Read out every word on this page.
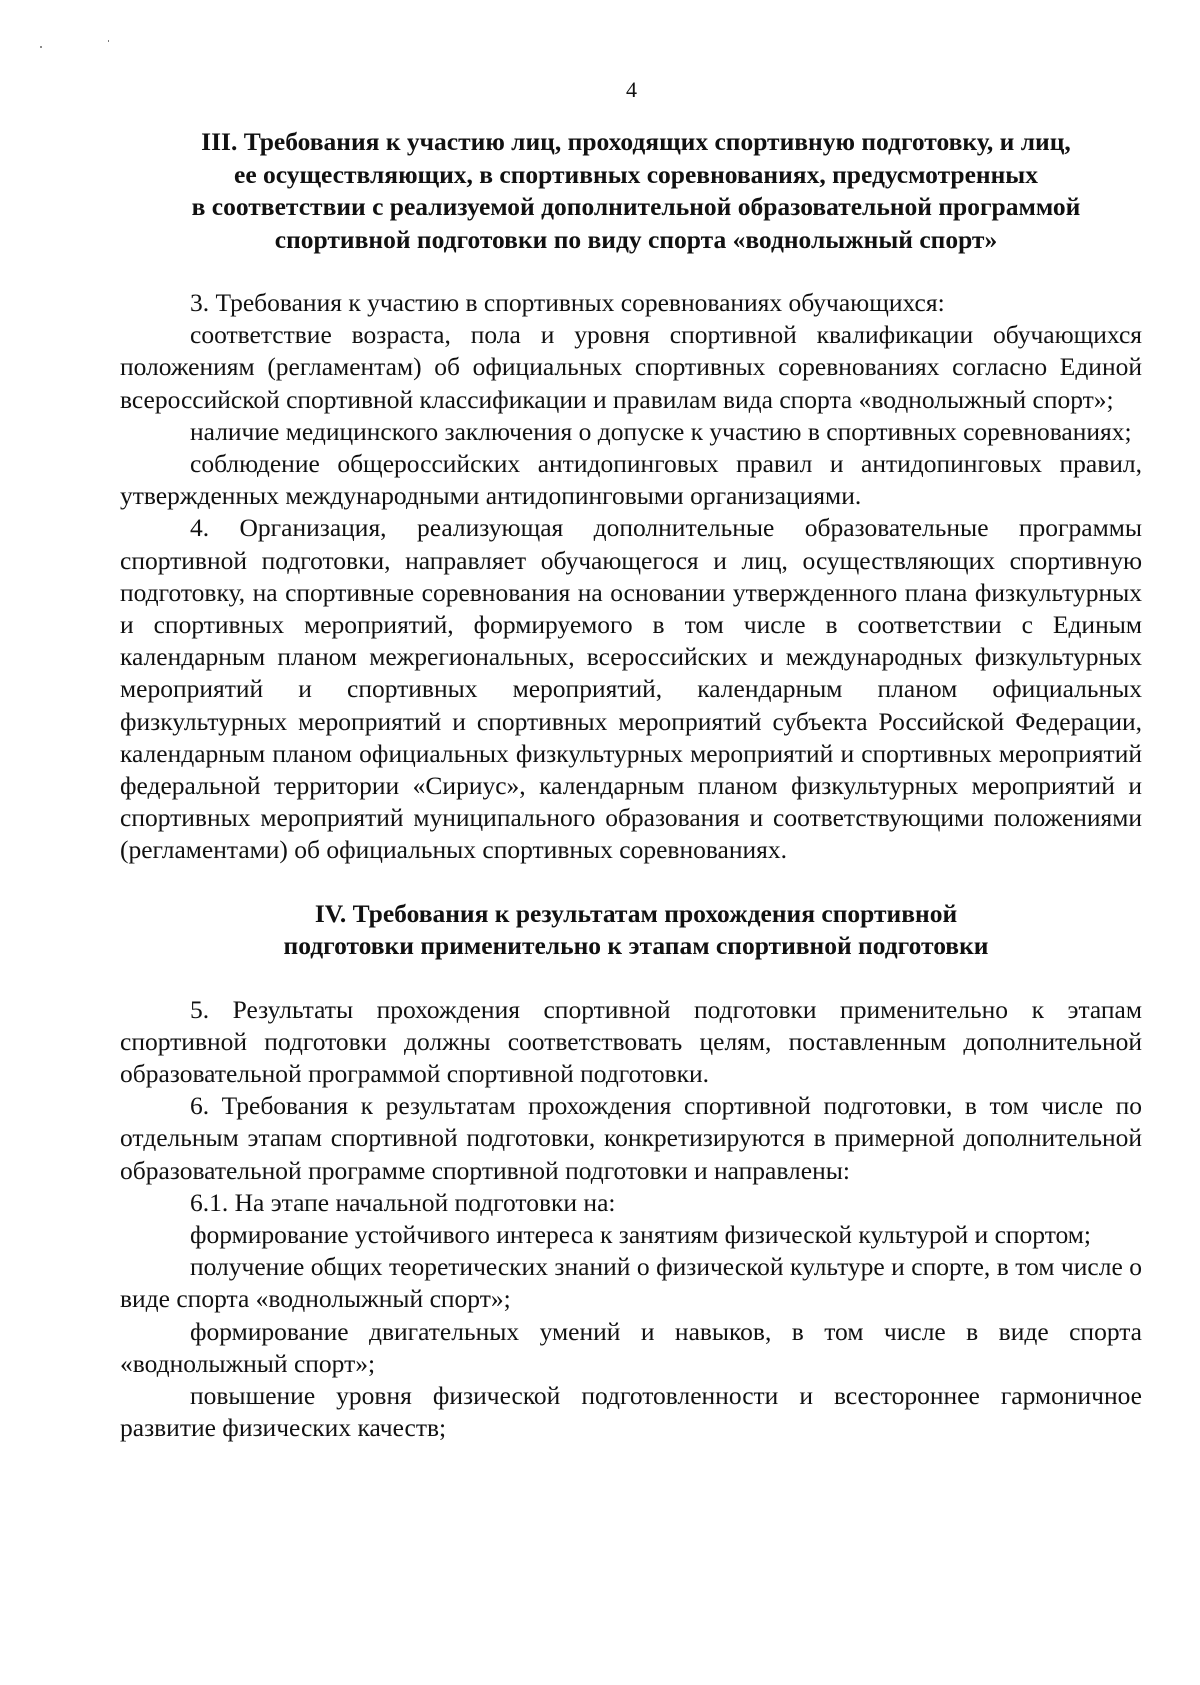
4
III. Требования к участию лиц, проходящих спортивную подготовку, и лиц,
ее осуществляющих, в спортивных соревнованиях, предусмотренных
в соответствии с реализуемой дополнительной образовательной программой
спортивной подготовки по виду спорта «воднолыжный спорт»

3. Требования к участию в спортивных соревнованиях обучающихся:

соответствие возраста, пола и уровня спортивной квалификации обучающихся положениям (регламентам) об официальных спортивных соревнованиях согласно Единой всероссийской спортивной классификации и правилам вида спорта «воднолыжный спорт»;

наличие медицинского заключения о допуске к участию в спортивных соревнованиях;

соблюдение общероссийских антидопинговых правил и антидопинговых правил, утвержденных международными антидопинговыми организациями.

4. Организация, реализующая дополнительные образовательные программы спортивной подготовки, направляет обучающегося и лиц, осуществляющих спортивную подготовку, на спортивные соревнования на основании утвержденного плана физкультурных и спортивных мероприятий, формируемого в том числе в соответствии с Единым календарным планом межрегиональных, всероссийских и международных физкультурных мероприятий и спортивных мероприятий, календарным планом официальных физкультурных мероприятий и спортивных мероприятий субъекта Российской Федерации, календарным планом официальных физкультурных мероприятий и спортивных мероприятий федеральной территории «Сириус», календарным планом физкультурных мероприятий и спортивных мероприятий муниципального образования и соответствующими положениями (регламентами) об официальных спортивных соревнованиях.

IV. Требования к результатам прохождения спортивной
подготовки применительно к этапам спортивной подготовки

5. Результаты прохождения спортивной подготовки применительно к этапам спортивной подготовки должны соответствовать целям, поставленным дополнительной образовательной программой спортивной подготовки.

6. Требования к результатам прохождения спортивной подготовки, в том числе по отдельным этапам спортивной подготовки, конкретизируются в примерной дополнительной образовательной программе спортивной подготовки и направлены:

6.1. На этапе начальной подготовки на:

формирование устойчивого интереса к занятиям физической культурой и спортом;

получение общих теоретических знаний о физической культуре и спорте, в том числе о виде спорта «воднолыжный спорт»;

формирование двигательных умений и навыков, в том числе в виде спорта «воднолыжный спорт»;

повышение уровня физической подготовленности и всестороннее гармоничное развитие физических качеств;
